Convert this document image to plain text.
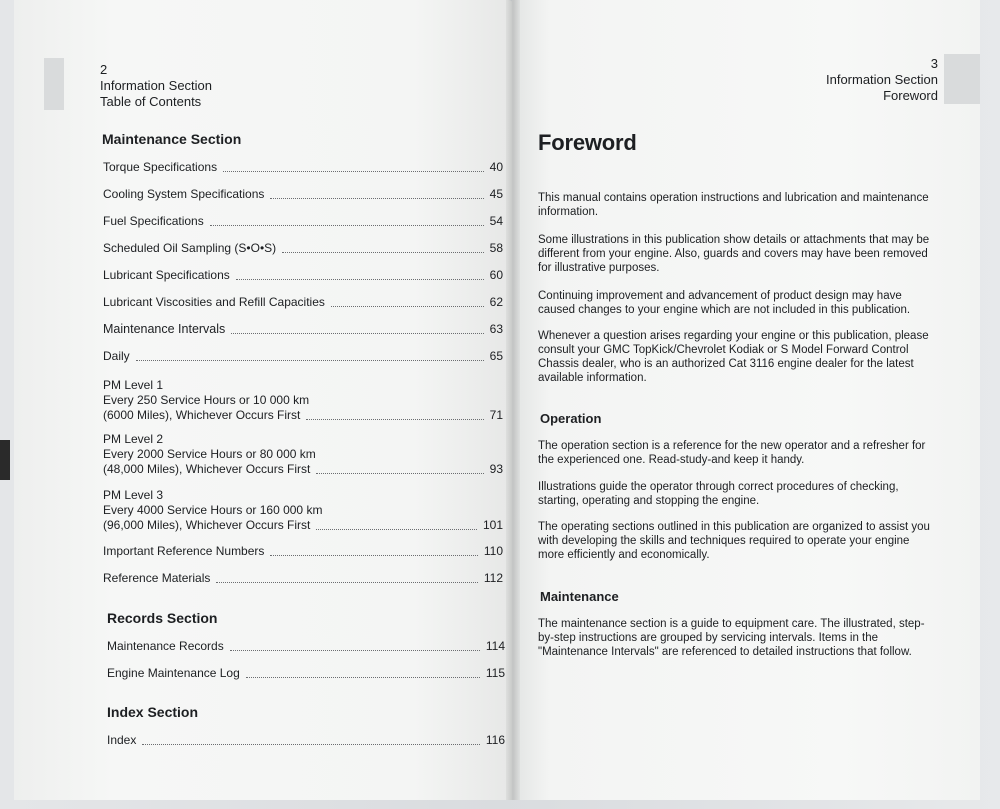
2
Information Section
Table of Contents
Maintenance Section
Torque Specifications	40
Cooling System Specifications	45
Fuel Specifications	54
Scheduled Oil Sampling (S•O•S)	58
Lubricant Specifications	60
Lubricant Viscosities and Refill Capacities	62
Maintenance Intervals	63
Daily	65
PM Level 1
Every 250 Service Hours or 10 000 km
(6000 Miles), Whichever Occurs First	71
PM Level 2
Every 2000 Service Hours or 80 000 km
(48,000 Miles), Whichever Occurs First	93
PM Level 3
Every 4000 Service Hours or 160 000 km
(96,000 Miles), Whichever Occurs First	101
Important Reference Numbers	110
Reference Materials	112
Records Section
Maintenance Records	114
Engine Maintenance Log	115
Index Section
Index	116
3
Information Section
Foreword
Foreword
This manual contains operation instructions and lubrication and maintenance information.
Some illustrations in this publication show details or attachments that may be different from your engine. Also, guards and covers may have been removed for illustrative purposes.
Continuing improvement and advancement of product design may have caused changes to your engine which are not included in this publication.
Whenever a question arises regarding your engine or this publication, please consult your GMC TopKick/Chevrolet Kodiak or S Model Forward Control Chassis dealer, who is an authorized Cat 3116 engine dealer for the latest available information.
Operation
The operation section is a reference for the new operator and a refresher for the experienced one. Read-study-and keep it handy.
Illustrations guide the operator through correct procedures of checking, starting, operating and stopping the engine.
The operating sections outlined in this publication are organized to assist you with developing the skills and techniques required to operate your engine more efficiently and economically.
Maintenance
The maintenance section is a guide to equipment care. The illustrated, step-by-step instructions are grouped by servicing intervals. Items in the "Maintenance Intervals" are referenced to detailed instructions that follow.
